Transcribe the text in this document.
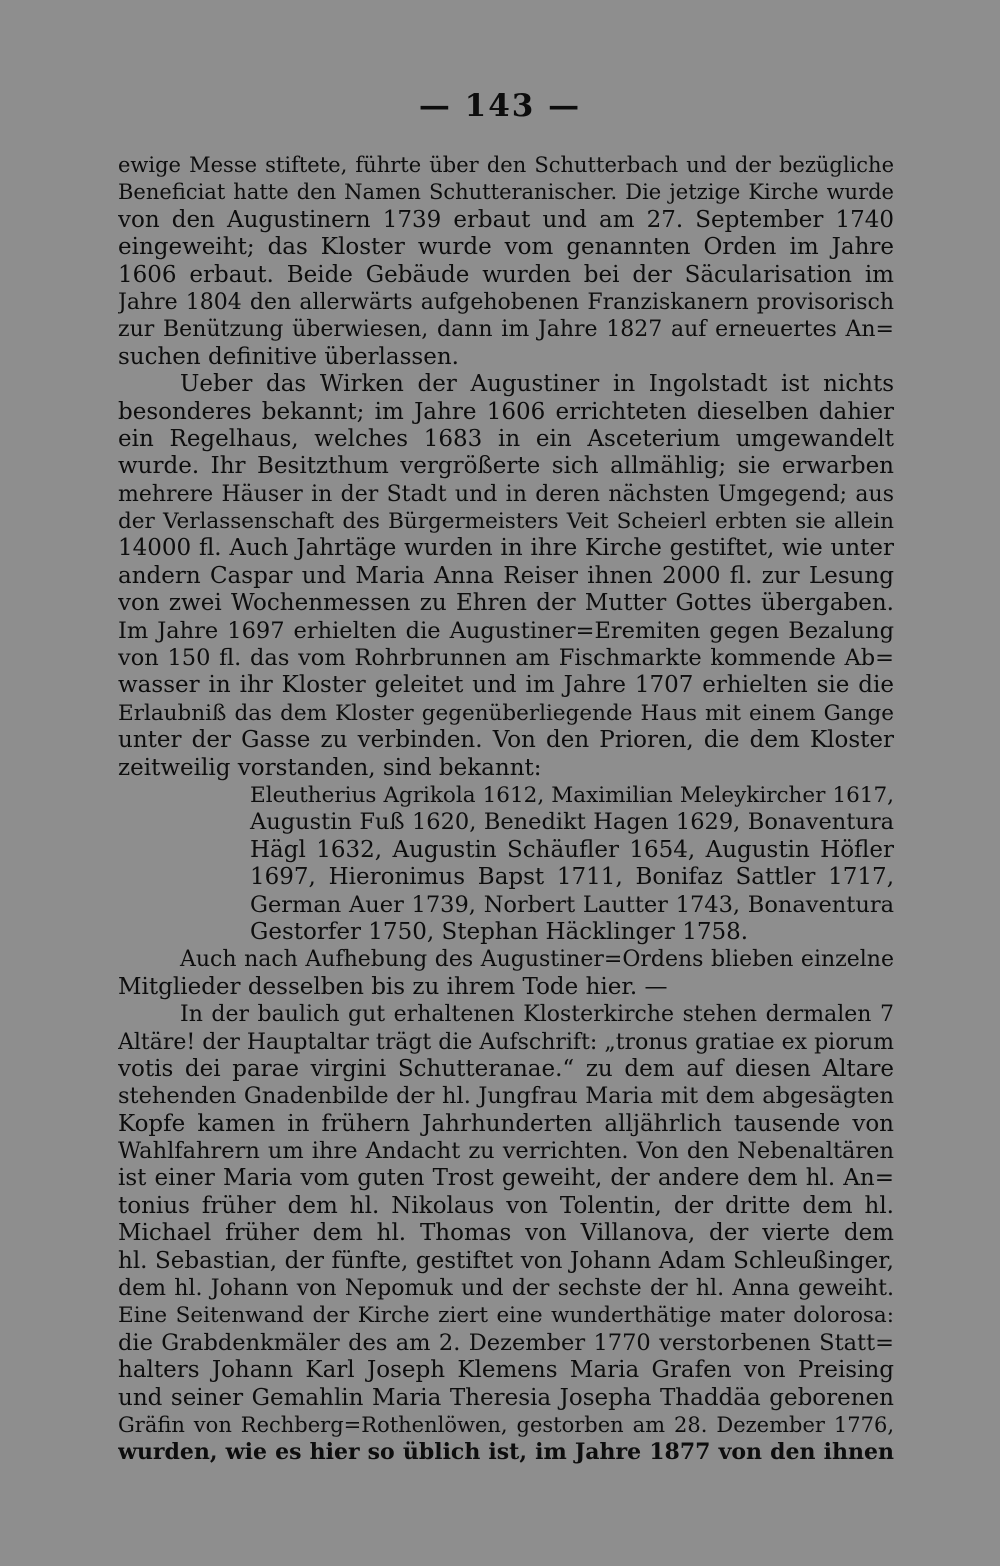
— 143 —
ewige Messe stiftete, führte über den Schutterbach und der bezügliche
Beneficiat hatte den Namen Schutteranischer. Die jetzige Kirche wurde
von den Augustinern 1739 erbaut und am 27. September 1740
eingeweiht; das Kloster wurde vom genannten Orden im Jahre
1606 erbaut. Beide Gebäude wurden bei der Säcularisation im
Jahre 1804 den allerwärts aufgehobenen Franziskanern provisorisch
zur Benützung überwiesen, dann im Jahre 1827 auf erneuertes An=
suchen definitive überlassen.
Ueber das Wirken der Augustiner in Ingolstadt ist nichts
besonderes bekannt; im Jahre 1606 errichteten dieselben dahier
ein Regelhaus, welches 1683 in ein Asceterium umgewandelt
wurde. Ihr Besitzthum vergrößerte sich allmählig; sie erwarben
mehrere Häuser in der Stadt und in deren nächsten Umgegend; aus
der Verlassenschaft des Bürgermeisters Veit Scheierl erbten sie allein
14000 fl. Auch Jahrtäge wurden in ihre Kirche gestiftet, wie unter
andern Caspar und Maria Anna Reiser ihnen 2000 fl. zur Lesung
von zwei Wochenmessen zu Ehren der Mutter Gottes übergaben.
Im Jahre 1697 erhielten die Augustiner=Eremiten gegen Bezalung
von 150 fl. das vom Rohrbrunnen am Fischmarkte kommende Ab=
wasser in ihr Kloster geleitet und im Jahre 1707 erhielten sie die
Erlaubniß das dem Kloster gegenüberliegende Haus mit einem Gange
unter der Gasse zu verbinden. Von den Prioren, die dem Kloster
zeitweilig vorstanden, sind bekannt:
Eleutherius Agrikola 1612, Maximilian Meleykircher 1617,
Augustin Fuß 1620, Benedikt Hagen 1629, Bonaventura
Hägl 1632, Augustin Schäufler 1654, Augustin Höfler
1697, Hieronimus Bapst 1711, Bonifaz Sattler 1717,
German Auer 1739, Norbert Lautter 1743, Bonaventura
Gestorfer 1750, Stephan Häcklinger 1758.
Auch nach Aufhebung des Augustiner=Ordens blieben einzelne
Mitglieder desselben bis zu ihrem Tode hier. —
In der baulich gut erhaltenen Klosterkirche stehen dermalen 7
Altäre! der Hauptaltar trägt die Aufschrift: „tronus gratiae ex piorum
votis dei parae virgini Schutteranae.“ zu dem auf diesen Altare
stehenden Gnadenbilde der hl. Jungfrau Maria mit dem abgesägten
Kopfe kamen in frühern Jahrhunderten alljährlich tausende von
Wahlfahrern um ihre Andacht zu verrichten. Von den Nebenaltären
ist einer Maria vom guten Trost geweiht, der andere dem hl. An=
tonius früher dem hl. Nikolaus von Tolentin, der dritte dem hl.
Michael früher dem hl. Thomas von Villanova, der vierte dem
hl. Sebastian, der fünfte, gestiftet von Johann Adam Schleußinger,
dem hl. Johann von Nepomuk und der sechste der hl. Anna geweiht.
Eine Seitenwand der Kirche ziert eine wunderthätige mater dolorosa:
die Grabdenkmäler des am 2. Dezember 1770 verstorbenen Statt=
halters Johann Karl Joseph Klemens Maria Grafen von Preising
und seiner Gemahlin Maria Theresia Josepha Thaddäa geborenen
Gräfin von Rechberg=Rothenlöwen, gestorben am 28. Dezember 1776,
wurden, wie es hier so üblich ist, im Jahre 1877 von den ihnen
